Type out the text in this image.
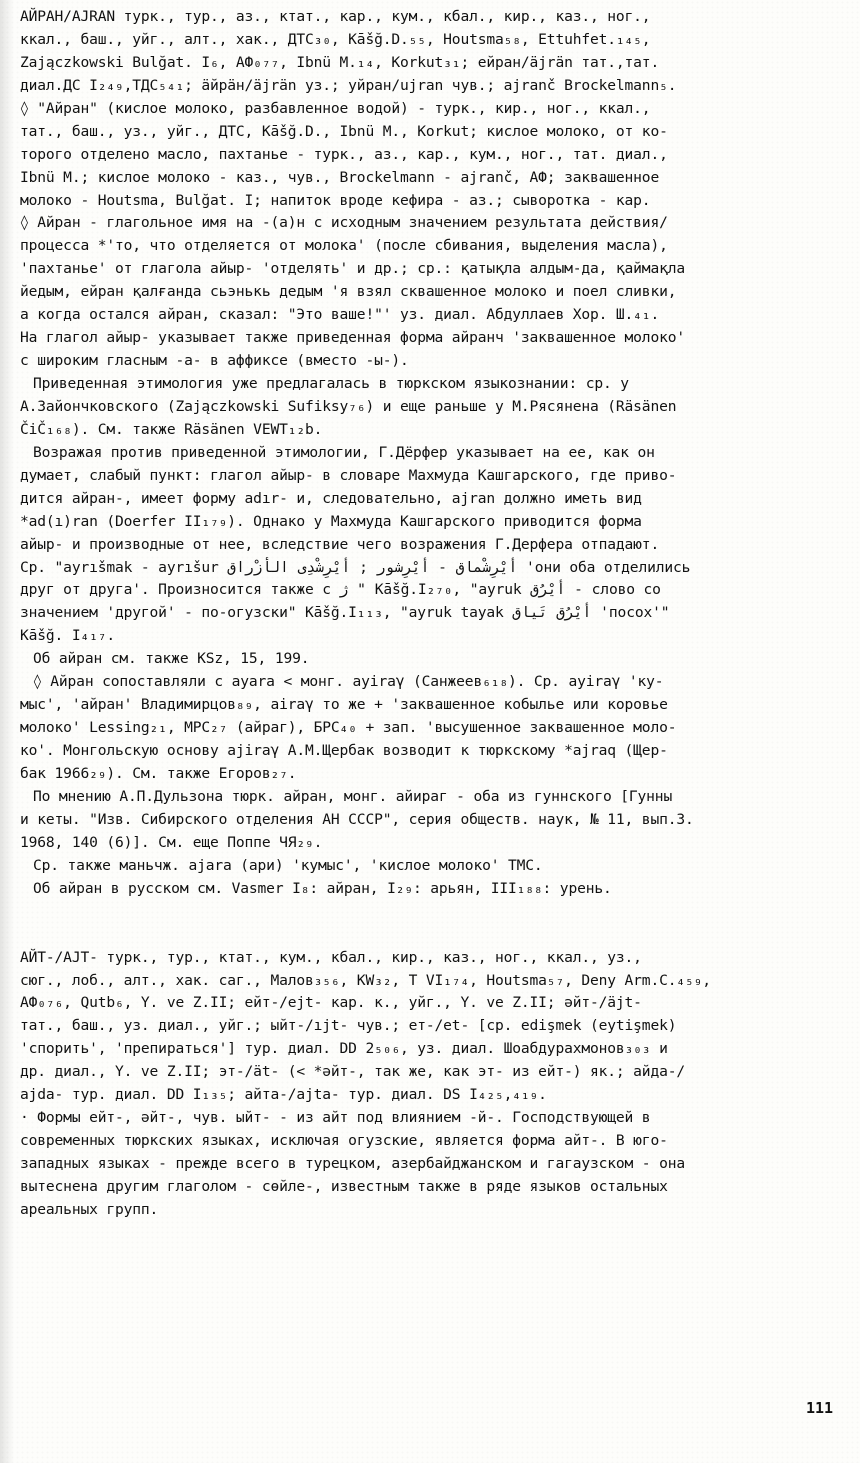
АЙРАН/AJRAN турк., тур., аз., ктат., кар., кум., кбал., кир., каз., ног.,
ккал., баш., уйг., алт., хак., ДТС₃₀, Kāšğ.D.₅₅, Houtsma₅₈, Ettuhfet.₁₄₅,
Zajączkowski Bulğat. I₆, АФ₀₇₇, Ibnü M.₁₄, Korkut₃₁; ейран/äjrän тат.,тат.
диал.ДС I₂₄₉,ТДС₅₄₁; äйрäн/äjrän уз.; уйран/ujran чув.; ajranč Brockelmann₅.
◊ "Айран" (кислое молоко, разбавленное водой) - турк., кир., ног., ккал.,
тат., баш., уз., уйг., ДТС, Kāšğ.D., Ibnü M., Korkut; кислое молоко, от ко-
торого отделено масло, пахтанье - турк., аз., кар., кум., ног., тат. диал.,
Ibnü M.; кислое молоко - каз., чув., Brockelmann - ajranč, АФ; заквашенное
молоко - Houtsma, Bulğat. I; напиток вроде кефира - аз.; сыворотка - кар.
◊ Айран - глагольное имя на -(а)н с исходным значением результата действия/
процесса *'то, что отделяется от молока' (после сбивания, выделения масла),
'пахтанье' от глагола айыр- 'отделять' и др.; ср.: қатықла алдым-да, қаймақла
йедым, ейран қалғанда сьэнькь дедым 'я взял сквашенное молоко и поел сливки,
а когда остался айран, сказал: "Это ваше!"' уз. диал. Абдуллаев Хор. Ш.₄₁.
На глагол айыр- указывает также приведенная форма айранч 'заквашенное молоко'
с широким гласным -а- в аффиксе (вместо -ы-).
Приведенная этимология уже предлагалась в тюркском языкознании: ср. у
А.Зайончковского (Zajączkowski Sufiksy₇₆) и еще раньше у М.Рясянена (Räsänen
ČiČ₁₆₈). См. также Räsänen VEWT₁₂b.
Возражая против приведенной этимологии, Г.Дёрфер указывает на ее, как он
думает, слабый пункт: глагол айыр- в словаре Махмуда Кашгарского, где приво-
дится айран-, имеет форму adır- и, следовательно, ajran должно иметь вид
*ad(ı)ran (Doerfer II₁₇₉). Однако у Махмуда Кашгарского приводится форма
айыр- и производные от нее, вследствие чего возражения Г.Дерфера отпадают.
Ср. "ayrıšmak - ayrıšur أيْرِشْماق - أيْرِشور ; أيْرِشْدِى الأزْراق 'они оба отделились
друг от друга'. Произносится также с ژ " Kāšğ.I₂₇₀, "ayruk أيْرُق - слово со
значением 'другой' - по-огузски" Kāšğ.I₁₁₃, "ayruk tayak أيْرُق تَياق 'посох'"
Kāšğ. I₄₁₇.
Об айран см. также KSz, 15, 199.
◊ Айран сопоставляли с ayara < монг. ayiraγ (Санжеев₆₁₈). Ср. ayiraγ 'ку-
мыс', 'айран' Владимирцов₈₉, airaγ то же + 'заквашенное кобылье или коровье
молоко' Lessing₂₁, МРС₂₇ (айраг), БРС₄₀ + зап. 'высушенное заквашенное моло-
ко'. Монгольскую основу ajiraγ А.М.Щербак возводит к тюркскому *ajraq (Щер-
бак 1966₂₉). См. также Егоров₂₇.
По мнению А.П.Дульзона тюрк. айран, монг. айираг - оба из гуннского [Гунны
и кеты. "Изв. Сибирского отделения АН СССР", серия обществ. наук, № 11, вып.3.
1968, 140 (6)]. См. еще Поппе ЧЯ₂₉.
Ср. также маньчж. ajara (ари) 'кумыс', 'кислое молоко' ТМС.
Об айран в русском см. Vasmer I₈: айран, I₂₉: арьян, III₁₈₈: урень.
АЙТ-/AJT- турк., тур., ктат., кум., кбал., кир., каз., ног., ккал., уз.,
сюг., лоб., алт., хак. саг., Малов₃₅₆, KW₃₂, T VI₁₇₄, Houtsma₅₇, Deny Arm.C.₄₅₉,
АФ₀₇₆, Qutb₆, Y. ve Z.II; ейт-/ejt- кар. к., уйг., Y. ve Z.II; əйт-/äjt-
тат., баш., уз. диал., уйг.; ыйт-/ıjt- чув.; ет-/et- [ср. edişmek (eytişmek)
'спорить', 'препираться'] тур. диал. DD 2₅₀₆, уз. диал. Шоабдурахмонов₃₀₃ и
др. диал., Y. ve Z.II; эт-/ät- (< *əйт-, так же, как эт- из ейт-) як.; айда-/
ajda- тур. диал. DD I₁₃₅; айта-/ajta- тур. диал. DS I₄₂₅,₄₁₉.
· Формы ейт-, əйт-, чув. ыйт- - из айт под влиянием -й-. Господствующей в
современных тюркских языках, исключая огузские, является форма айт-. В юго-
западных языках - прежде всего в турецком, азербайджанском и гагаузском - она
вытеснена другим глаголом - сөйле-, известным также в ряде языков остальных
ареальных групп.
111
